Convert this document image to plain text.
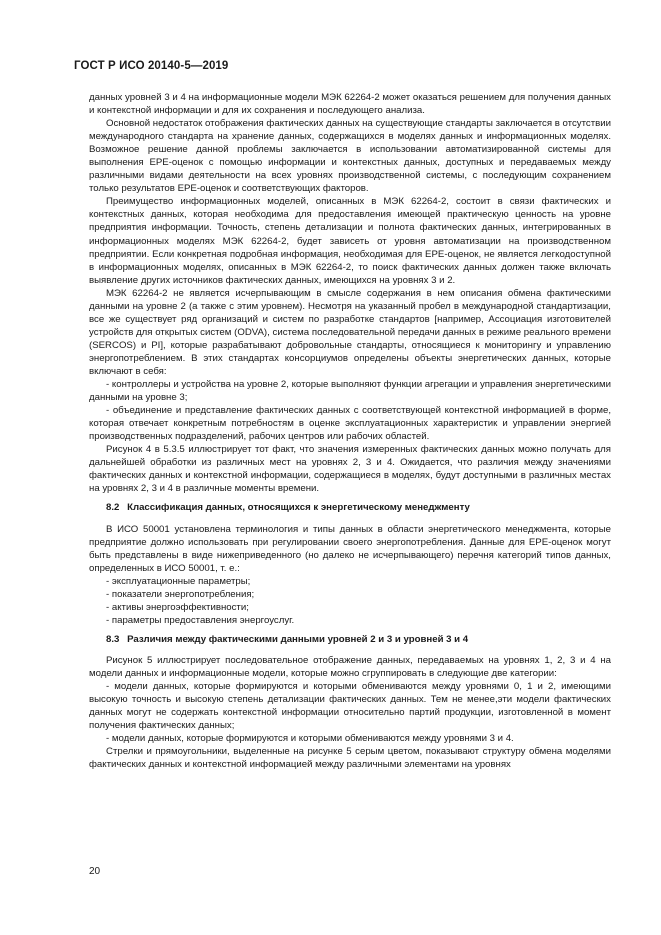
ГОСТ Р ИСО 20140-5—2019

данных уровней 3 и 4 на информационные модели МЭК 62264-2 может оказаться решением для получения данных и контекстной информации и для их сохранения и последующего анализа.

Основной недостаток отображения фактических данных на существующие стандарты заключается в отсутствии международного стандарта на хранение данных, содержащихся в моделях данных и информационных моделях. Возможное решение данной проблемы заключается в использовании автоматизированной системы для выполнения EPE-оценок с помощью информации и контекстных данных, доступных и передаваемых между различными видами деятельности на всех уровнях производственной системы, с последующим сохранением только результатов EPE-оценок и соответствующих факторов.

Преимущество информационных моделей, описанных в МЭК 62264-2, состоит в связи фактических и контекстных данных, которая необходима для предоставления имеющей практическую ценность на уровне предприятия информации. Точность, степень детализации и полнота фактических данных, интегрированных в информационных моделях МЭК 62264-2, будет зависеть от уровня автоматизации на производственном предприятии. Если конкретная подробная информация, необходимая для EPE-оценок, не является легкодоступной в информационных моделях, описанных в МЭК 62264-2, то поиск фактических данных должен также включать выявление других источников фактических данных, имеющихся на уровнях 3 и 2.

МЭК 62264-2 не является исчерпывающим в смысле содержания в нем описания обмена фактическими данными на уровне 2 (а также с этим уровнем). Несмотря на указанный пробел в международной стандартизации, все же существует ряд организаций и систем по разработке стандартов [например, Ассоциация изготовителей устройств для открытых систем (ODVA), система последовательной передачи данных в режиме реального времени (SERCOS) и PI], которые разрабатывают добровольные стандарты, относящиеся к мониторингу и управлению энергопотреблением. В этих стандартах консорциумов определены объекты энергетических данных, которые включают в себя:

- контроллеры и устройства на уровне 2, которые выполняют функции агрегации и управления энергетическими данными на уровне 3;
- объединение и представление фактических данных с соответствующей контекстной информацией в форме, которая отвечает конкретным потребностям в оценке эксплуатационных характеристик и управлении энергией производственных подразделений, рабочих центров или рабочих областей.

Рисунок 4 в 5.3.5 иллюстрирует тот факт, что значения измеренных фактических данных можно получать для дальнейшей обработки из различных мест на уровнях 2, 3 и 4. Ожидается, что различия между значениями фактических данных и контекстной информации, содержащиеся в моделях, будут доступными в различных местах на уровнях 2, 3 и 4 в различные моменты времени.

8.2 Классификация данных, относящихся к энергетическому менеджменту

В ИСО 50001 установлена терминология и типы данных в области энергетического менеджмента, которые предприятие должно использовать при регулировании своего энергопотребления. Данные для EPE-оценок могут быть представлены в виде нижеприведенного (но далеко не исчерпывающего) перечня категорий типов данных, определенных в ИСО 50001, т. е.:

- эксплуатационные параметры;
- показатели энергопотребления;
- активы энергоэффективности;
- параметры предоставления энергоуслуг.
8.3 Различия между фактическими данными уровней 2 и 3 и уровней 3 и 4

Рисунок 5 иллюстрирует последовательное отображение данных, передаваемых на уровнях 1, 2, 3 и 4 на модели данных и информационные модели, которые можно сгруппировать в следующие две категории:

- модели данных, которые формируются и которыми обмениваются между уровнями 0, 1 и 2, имеющими высокую точность и высокую степень детализации фактических данных. Тем не менее,эти модели фактических данных могут не содержать контекстной информации относительно партий продукции, изготовленной в момент получения фактических данных;
- модели данных, которые формируются и которыми обмениваются между уровнями 3 и 4.

Стрелки и прямоугольники, выделенные на рисунке 5 серым цветом, показывают структуру обмена моделями фактических данных и контекстной информацией между различными элементами на уровнях

20
